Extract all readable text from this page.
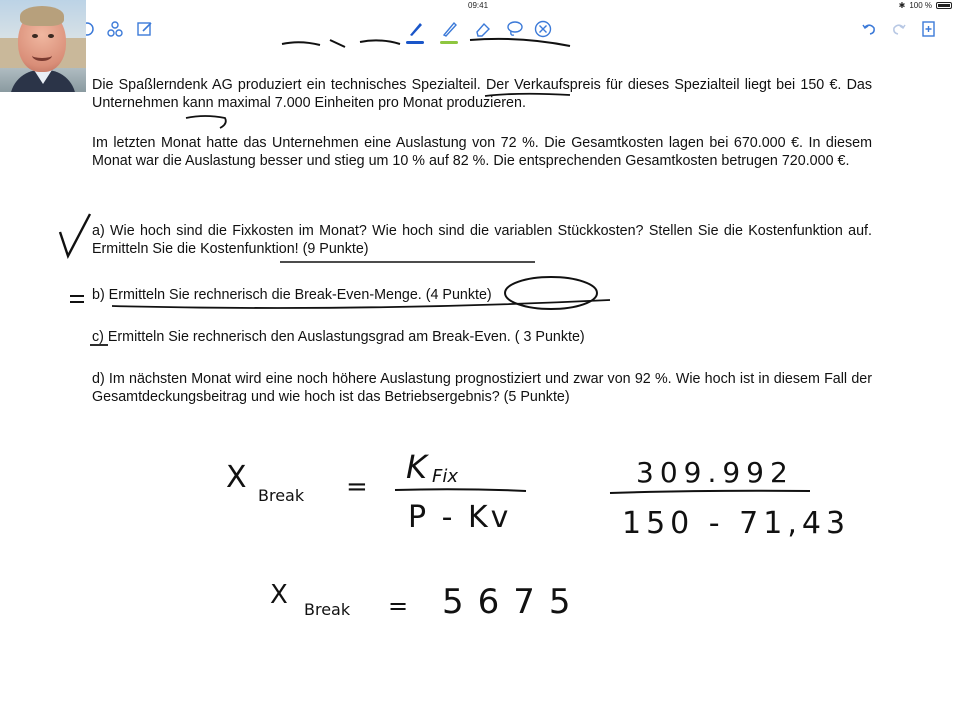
09:41	✱ 100 %
Die Spaßlerndenk AG produziert ein technisches Spezialteil. Der Verkaufspreis für dieses Spezialteil liegt bei 150 €. Das Unternehmen kann maximal 7.000 Einheiten pro Monat produzieren.
Im letzten Monat hatte das Unternehmen eine Auslastung von 72 %. Die Gesamtkosten lagen bei 670.000 €. In diesem Monat war die Auslastung besser und stieg um 10 % auf 82 %. Die entsprechenden Gesamtkosten betrugen 720.000 €.
a) Wie hoch sind die Fixkosten im Monat? Wie hoch sind die variablen Stückkosten? Stellen Sie die Kostenfunktion auf. Ermitteln Sie die Kostenfunktion! (9 Punkte)
b) Ermitteln Sie rechnerisch die Break-Even-Menge. (4 Punkte)
c) Ermitteln Sie rechnerisch den Auslastungsgrad am Break-Even. ( 3 Punkte)
d) Im nächsten Monat wird eine noch höhere Auslastung prognostiziert und zwar von 92 %. Wie hoch ist in diesem Fall der Gesamtdeckungsbeitrag und wie hoch ist das Betriebsergebnis? (5 Punkte)
X
Break =
K Fix
P - Kv
309.992
150 - 71,43
X Break = 5675
